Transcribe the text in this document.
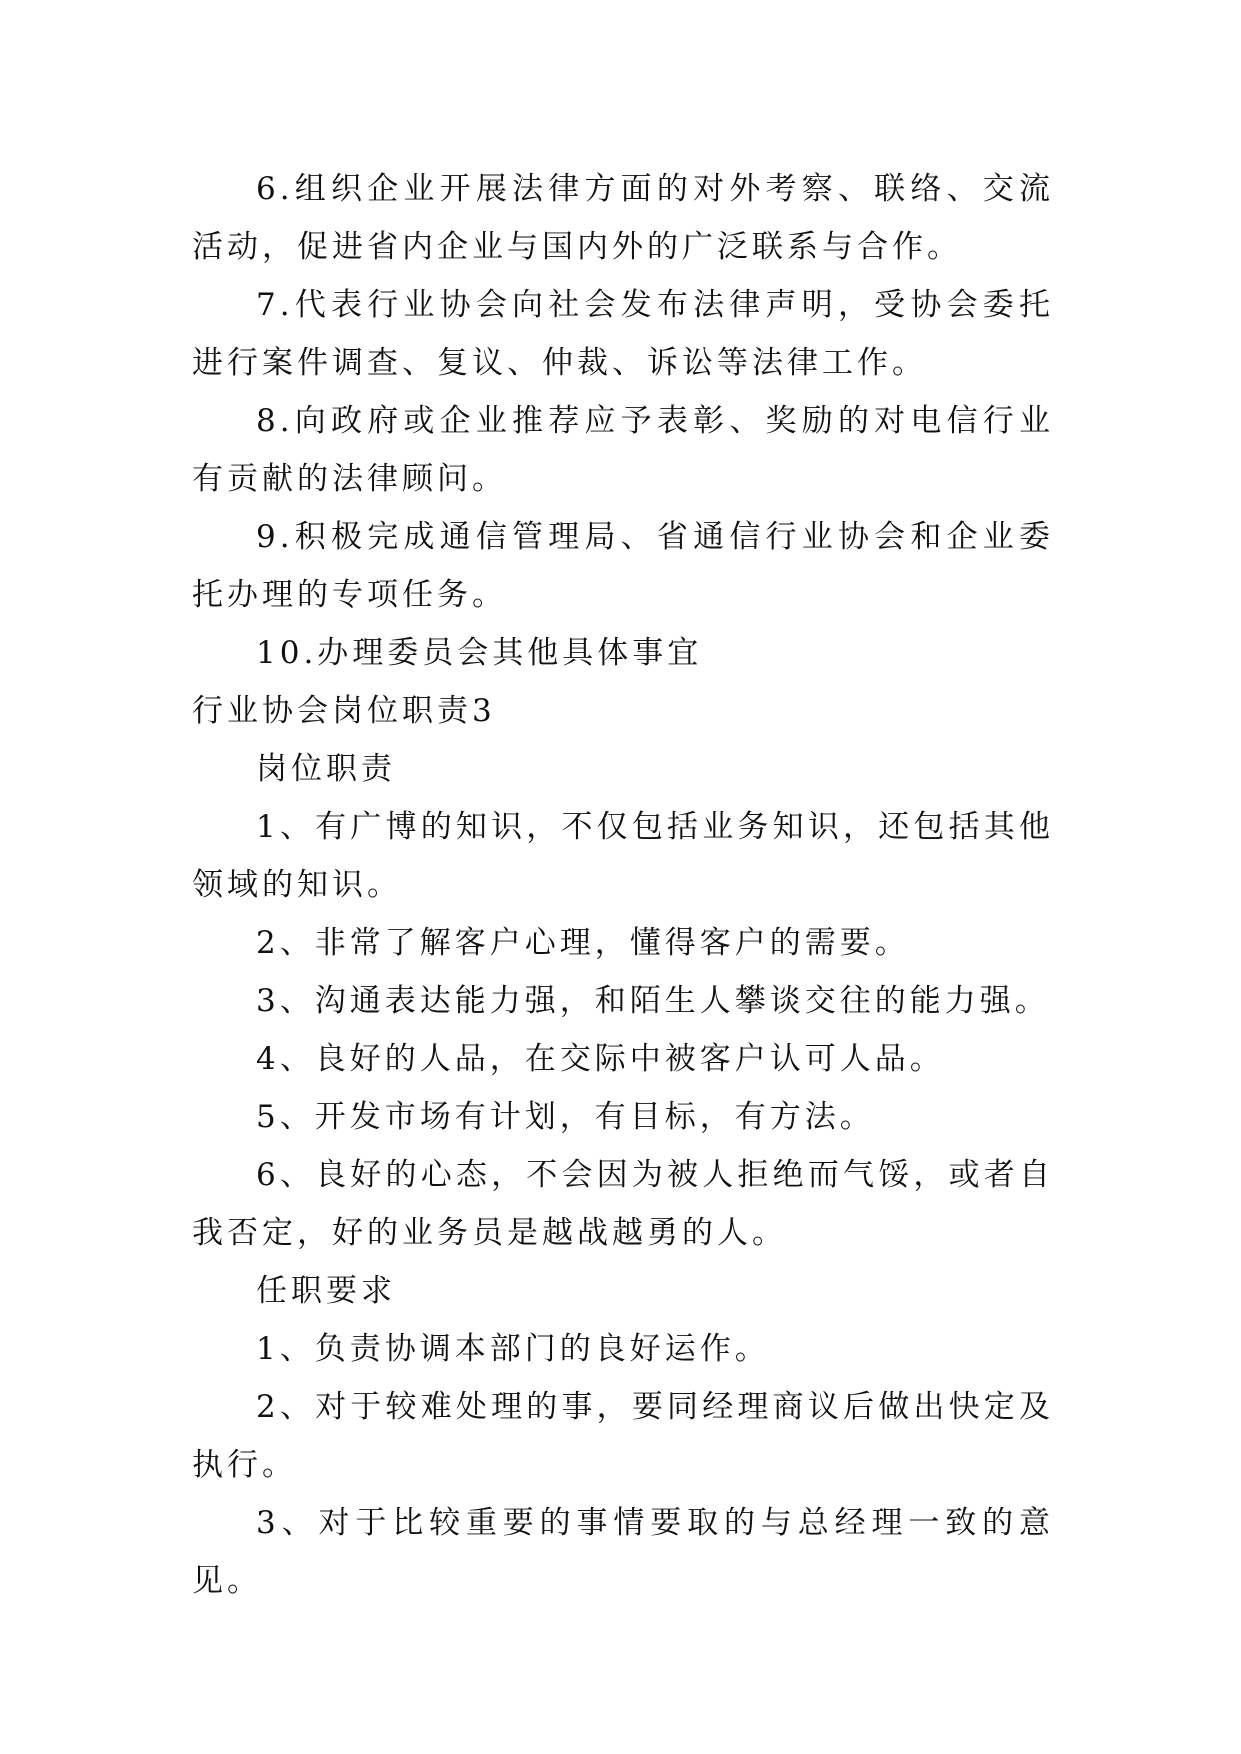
6.组织企业开展法律方面的对外考察、联络、交流活动，促进省内企业与国内外的广泛联系与合作。

7.代表行业协会向社会发布法律声明，受协会委托进行案件调查、复议、仲裁、诉讼等法律工作。

8.向政府或企业推荐应予表彰、奖励的对电信行业有贡献的法律顾问。

9.积极完成通信管理局、省通信行业协会和企业委托办理的专项任务。

10.办理委员会其他具体事宜

行业协会岗位职责3

岗位职责

1、有广博的知识，不仅包括业务知识，还包括其他领域的知识。

2、非常了解客户心理，懂得客户的需要。

3、沟通表达能力强，和陌生人攀谈交往的能力强。

4、良好的人品，在交际中被客户认可人品。

5、开发市场有计划，有目标，有方法。

6、良好的心态，不会因为被人拒绝而气馁，或者自我否定，好的业务员是越战越勇的人。

任职要求

1、负责协调本部门的良好运作。

2、对于较难处理的事，要同经理商议后做出快定及执行。

3、对于比较重要的事情要取的与总经理一致的意见。
